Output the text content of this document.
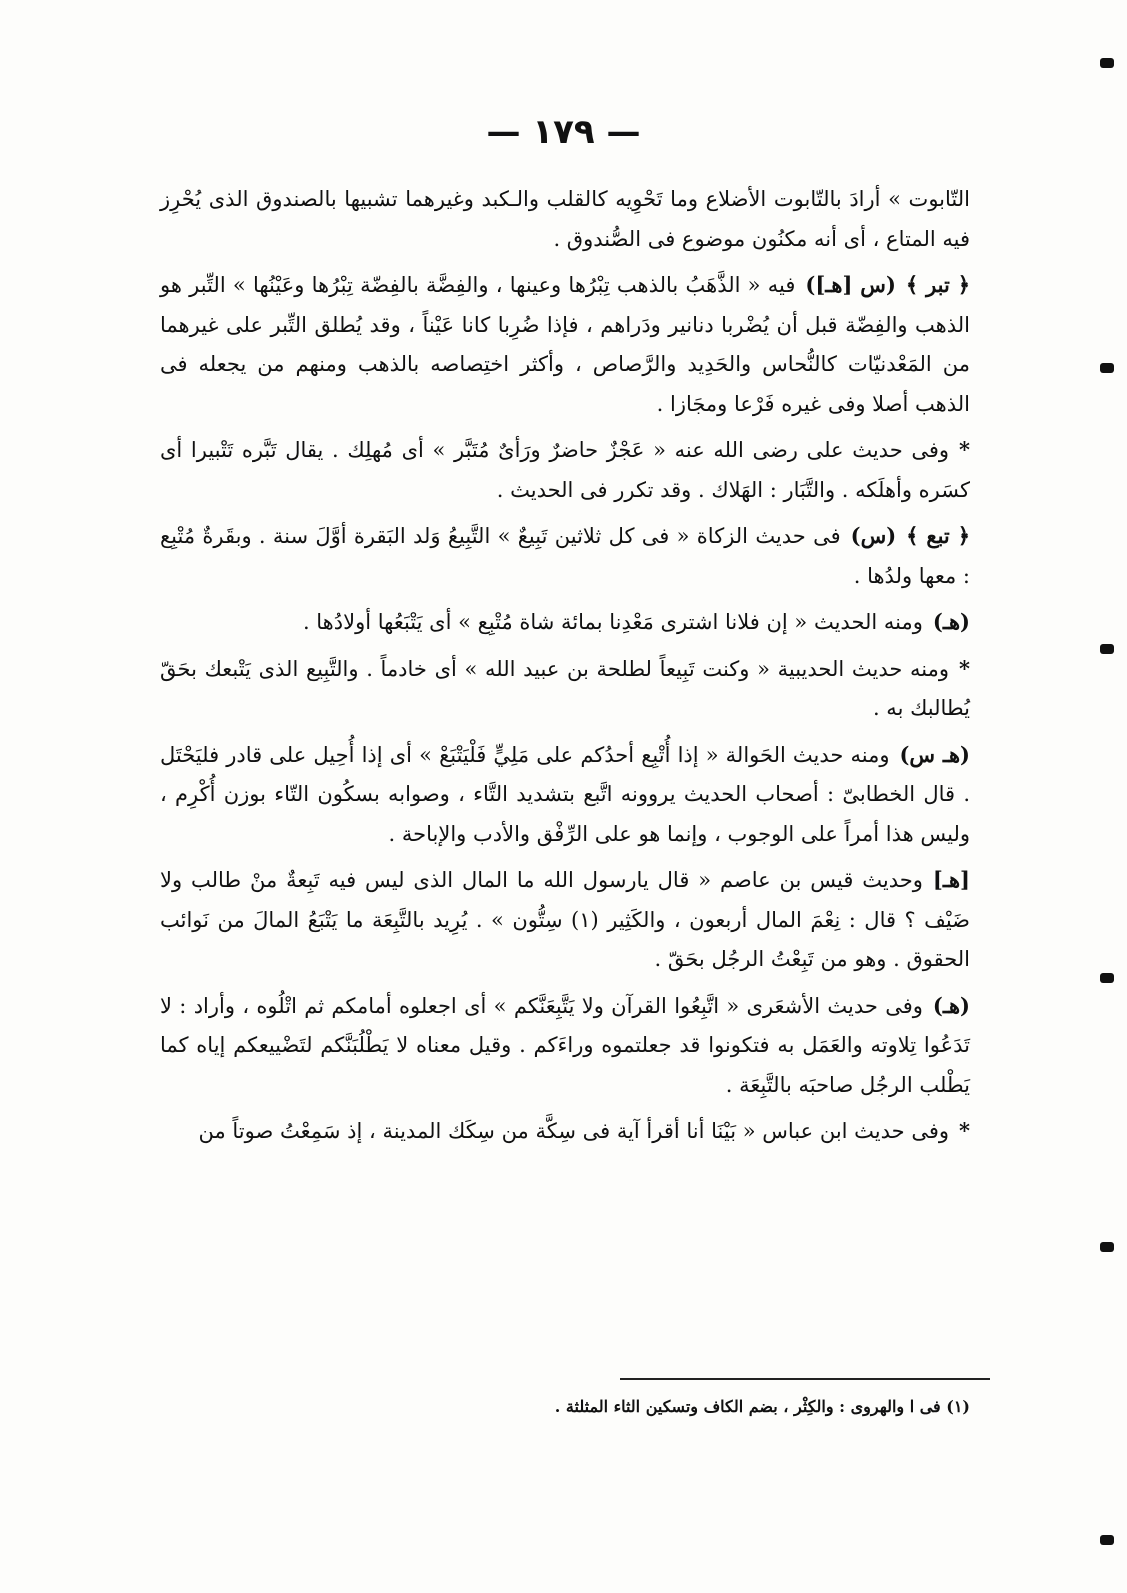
— ١٧٩ —

التّابوت » أرادَ بالتّابوت الأضلاع وما تَحْوِيه كالقلب والـكبد وغيرهما تشبيها بالصندوق الذى يُحْرِز فيه المتاع ، أى أنه مكنُون موضوع فى الصُّندوق .

﴿ تبر ﴾(س [هـ])فيه « الذَّهَبُ بالذهب تِبْرُها وعينها ، والفِضَّة بالفِضّة تِبْرُها وعَيْنُها » التِّبر هو الذهب والفِضّة قبل أن يُضْربا دنانير ودَراهم ، فإذا ضُرِبا كانا عَيْناً ، وقد يُطلق التِّبر على غيرهما من المَعْدنيّات كالنُّحاس والحَدِيد والرَّصاص ، وأكثر اختِصاصه بالذهب ومنهم من يجعله فى الذهب أصلا وفى غيره فَرْعا ومجَازا .

*وفى حديث على رضى الله عنه « عَجْزٌ حاضرٌ ورَأىٌ مُتَبَّر » أى مُهلِك . يقال تَبَّره تَتْبيرا أى كسَره وأهلَكه . والتَّبَار : الهَلاك . وقد تكرر فى الحديث .

﴿ تبع ﴾(س)فى حديث الزكاة « فى كل ثلاثين تَبِيعٌ » التَّبِيعُ وَلد البَقرة أوَّلَ سنة . وبقَرةٌ مُتْبِع : معها ولدُها .

(هـ)ومنه الحديث « إن فلانا اشترى مَعْدِنا بمائة شاة مُتْبِع » أى يَتْبَعُها أولادُها .

*ومنه حديث الحديبية « وكنت تَبِيعاً لطلحة بن عبيد الله » أى خادماً . والتَّبِيع الذى يَتْبعك بحَقّ يُطالبك به .

(هـ س)ومنه حديث الحَوالة « إذا أُتْبِع أحدُكم على مَلِيٍّ فَلْيَتْبَعْ » أى إذا أُحِيل على قادر فليَحْتَل . قال الخطابىّ : أصحاب الحديث يروونه اتَّبع بتشديد التَّاء ، وصوابه بسكُون التّاء بوزن أُكْرِم ، وليس هذا أمراً على الوجوب ، وإنما هو على الرِّفْق والأدب والإباحة .

[هـ]وحديث قيس بن عاصم « قال يارسول الله ما المال الذى ليس فيه تَبِعةٌ منْ طالب ولا ضَيْف ؟ قال : نِعْمَ المال أربعون ، والكَثِير (١) سِتُّون » . يُرِيد بالتَّبِعَة ما يَتْبَعُ المالَ من نَوائب الحقوق . وهو من تَبِعْتُ الرجُل بحَقّ .

(هـ)وفى حديث الأشعَرى « اتَّبِعُوا القرآن ولا يَتَّبِعَنَّكم » أى اجعلوه أمامكم ثم اتْلُوه ، وأراد : لا تَدَعُوا تِلاوته والعَمَل به فتكونوا قد جعلتموه وراءَكم . وقيل معناه لا يَطْلُبَنَّكم لتَضْييعكم إياه كما يَطْلب الرجُل صاحبَه بالتَّبِعَة .

*وفى حديث ابن عباس « بَيْنَا أنا أقرأ آية فى سِكَّة من سِكَك المدينة ، إذ سَمِعْتُ صوتاً من

(١) فى ا والهروى : والكِثْر ، بضم الكاف وتسكين الثاء المثلثة .
